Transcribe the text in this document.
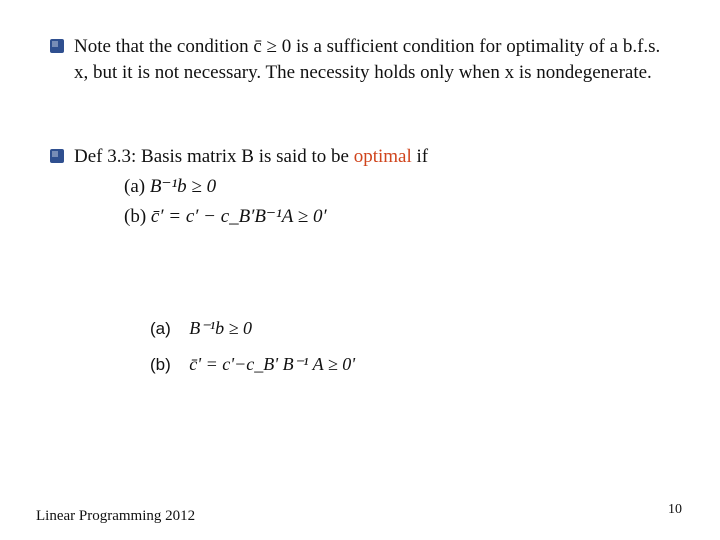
Note that the condition c̄ ≥ 0 is a sufficient condition for optimality of a b.f.s. x, but it is not necessary. The necessity holds only when x is nondegenerate.
Def 3.3: Basis matrix B is said to be optimal if
(a) B⁻¹b ≥ 0
(b) c̄′ = c′ − c_B′B⁻¹A ≥ 0′
(a) B⁻¹b ≥ 0
(b) c̄' = c'−c_B' B⁻¹ A ≥ 0'
Linear Programming 2012	10
